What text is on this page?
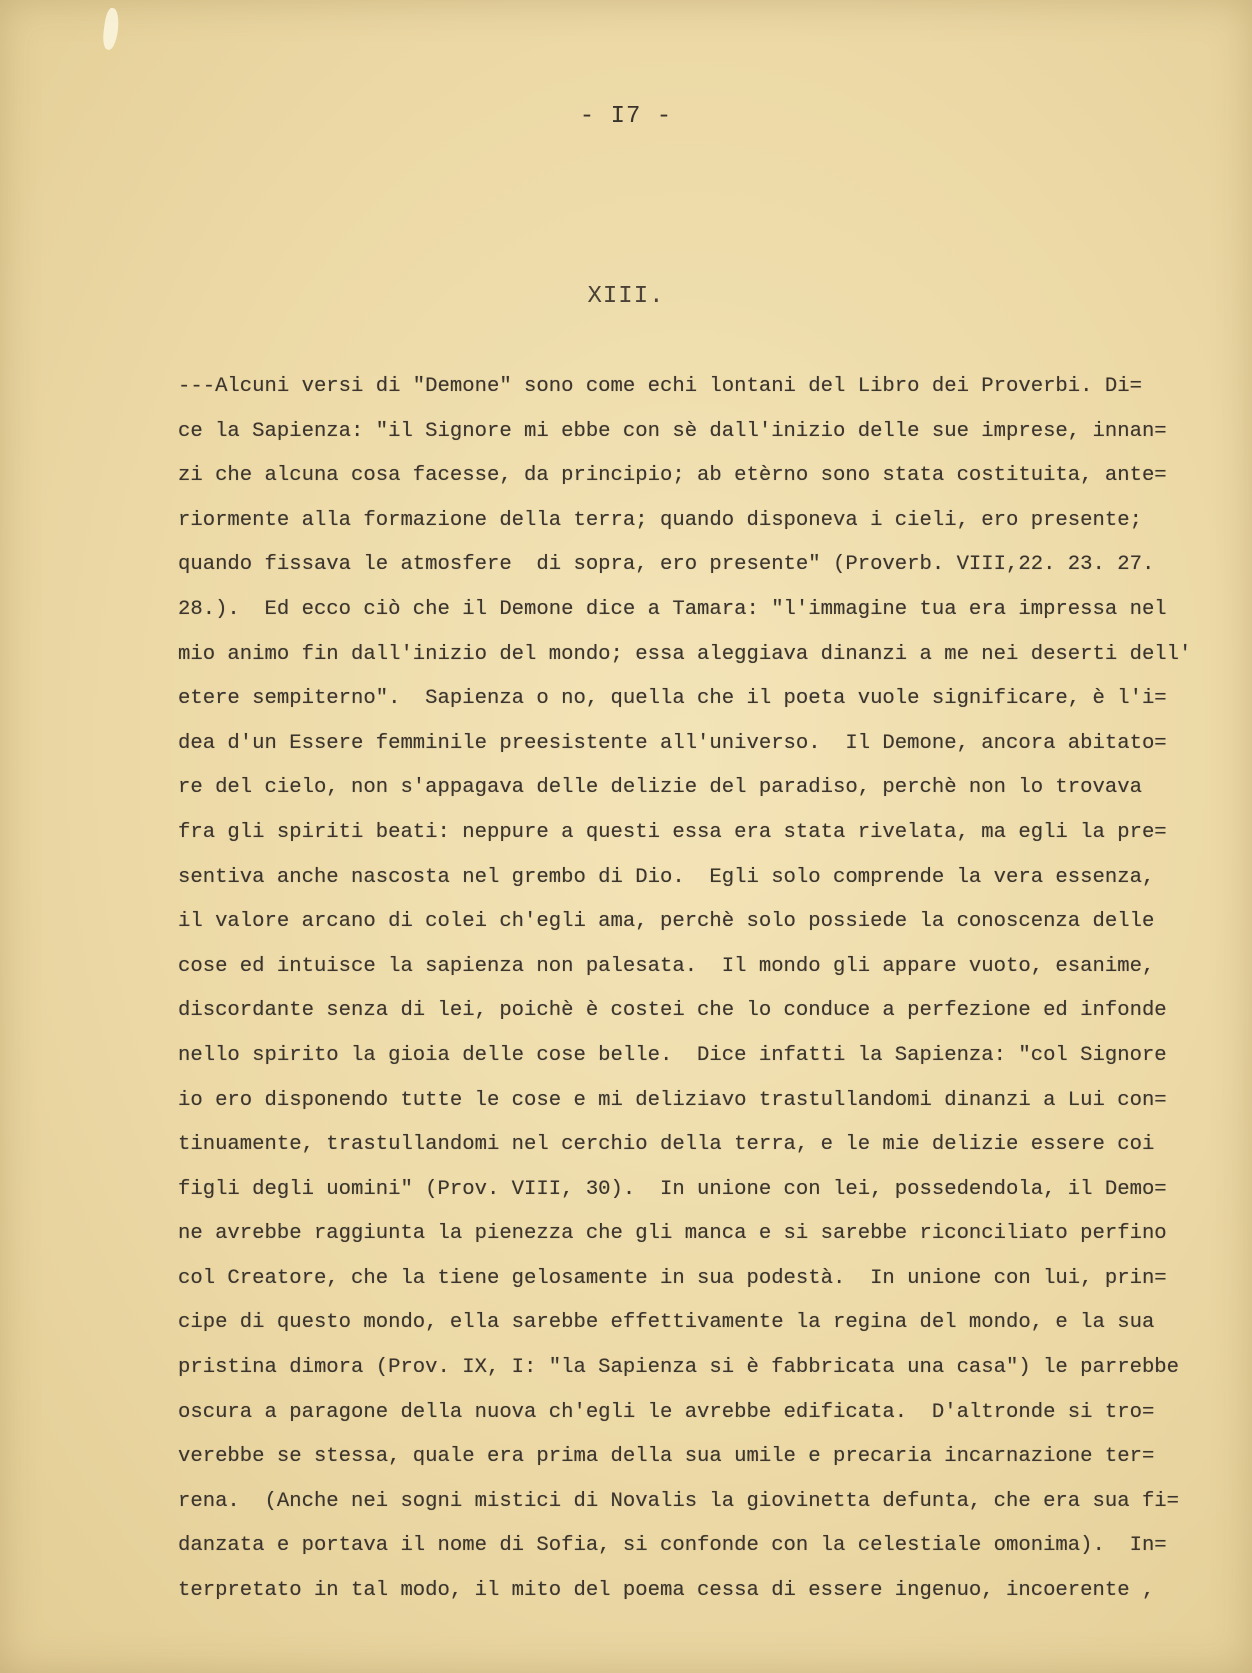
- I7 -
XIII.
---Alcuni versi di "Demone" sono come echi lontani del Libro dei Proverbi. Di=
ce la Sapienza: "il Signore mi ebbe con sè dall'inizio delle sue imprese, innan=
zi che alcuna cosa facesse, da principio; ab etèrno sono stata costituita, ante=
riormente alla formazione della terra; quando disponeva i cieli, ero presente;
quando fissava le atmosfere  di sopra, ero presente" (Proverb. VIII,22. 23. 27.
28.).  Ed ecco ciò che il Demone dice a Tamara: "l'immagine tua era impressa nel
mio animo fin dall'inizio del mondo; essa aleggiava dinanzi a me nei deserti dell'
etere sempiterno".  Sapienza o no, quella che il poeta vuole significare, è l'i=
dea d'un Essere femminile preesistente all'universo.  Il Demone, ancora abitato=
re del cielo, non s'appagava delle delizie del paradiso, perchè non lo trovava
fra gli spiriti beati: neppure a questi essa era stata rivelata, ma egli la pre=
sentiva anche nascosta nel grembo di Dio.  Egli solo comprende la vera essenza,
il valore arcano di colei ch'egli ama, perchè solo possiede la conoscenza delle
cose ed intuisce la sapienza non palesata.  Il mondo gli appare vuoto, esanime,
discordante senza di lei, poichè è costei che lo conduce a perfezione ed infonde
nello spirito la gioia delle cose belle.  Dice infatti la Sapienza: "col Signore
io ero disponendo tutte le cose e mi deliziavo trastullandomi dinanzi a Lui con=
tinuamente, trastullandomi nel cerchio della terra, e le mie delizie essere coi
figli degli uomini" (Prov. VIII, 30).  In unione con lei, possedendola, il Demo=
ne avrebbe raggiunta la pienezza che gli manca e si sarebbe riconciliato perfino
col Creatore, che la tiene gelosamente in sua podestà.  In unione con lui, prin=
cipe di questo mondo, ella sarebbe effettivamente la regina del mondo, e la sua
pristina dimora (Prov. IX, I: "la Sapienza si è fabbricata una casa") le parrebbe
oscura a paragone della nuova ch'egli le avrebbe edificata.  D'altronde si tro=
verebbe se stessa, quale era prima della sua umile e precaria incarnazione ter=
rena.  (Anche nei sogni mistici di Novalis la giovinetta defunta, che era sua fi=
danzata e portava il nome di Sofia, si confonde con la celestiale omonima).  In=
terpretato in tal modo, il mito del poema cessa di essere ingenuo, incoerente ,
